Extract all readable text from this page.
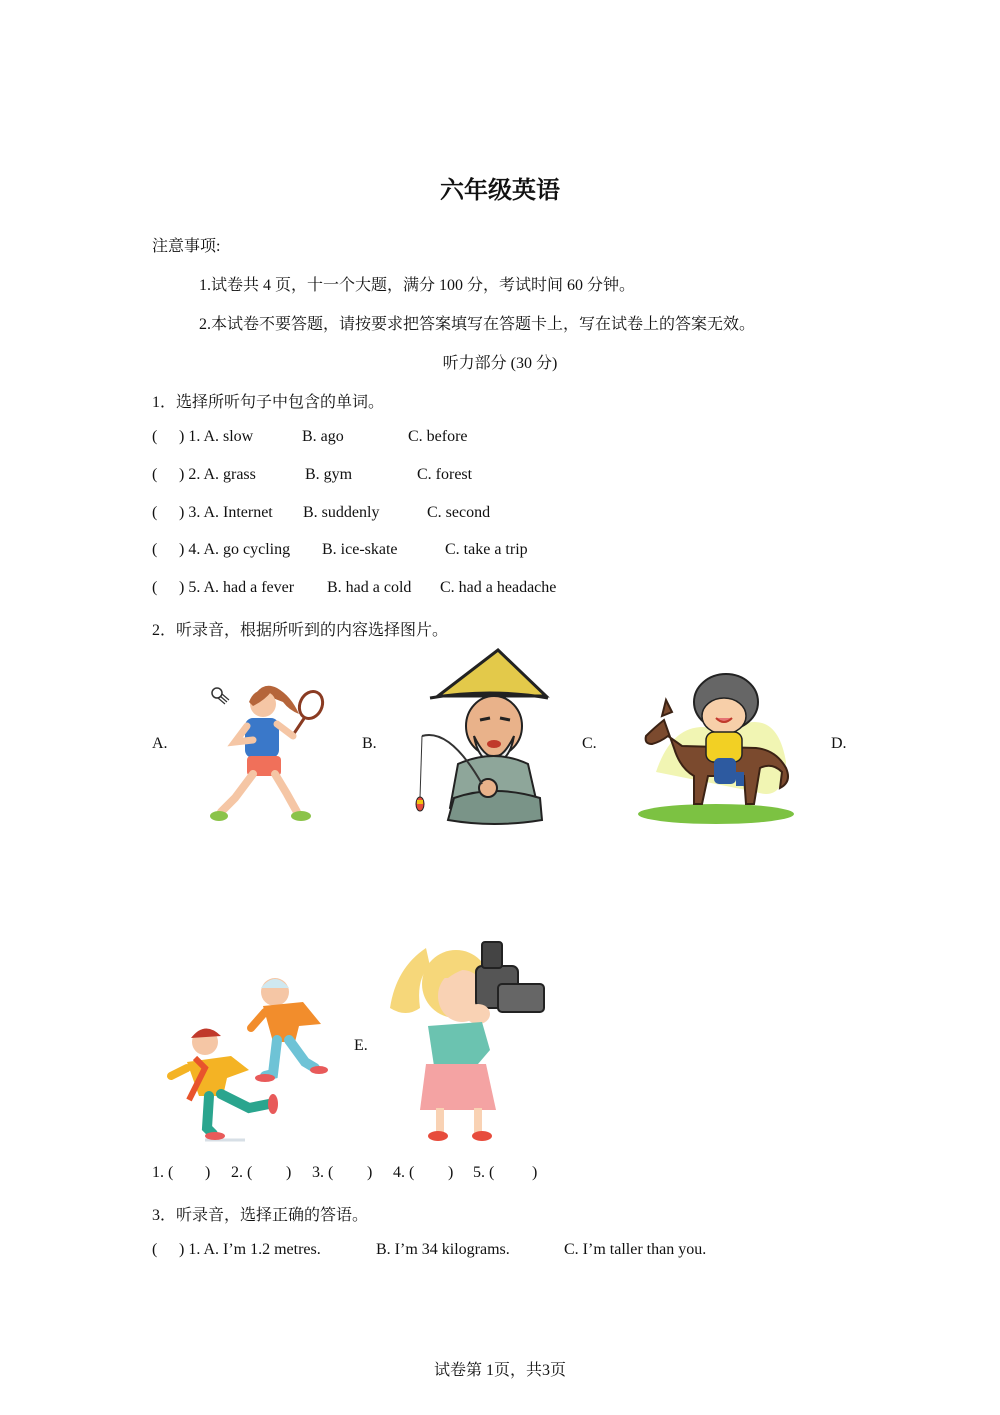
六年级英语
注意事项:
1.试卷共 4 页，十一个大题，满分 100 分，考试时间 60 分钟。
2.本试卷不要答题，请按要求把答案填写在答题卡上，写在试卷上的答案无效。
听力部分 (30 分)
1．选择所听句子中包含的单词。
( ) 1. A. slow	B. ago	C. before
( ) 2. A. grass	B. gym	C. forest
( ) 3. A. Internet B. suddenly	C. second
( ) 4. A. go cycling B. ice-skate	C. take a trip
( ) 5. A. had a fever B. had a cold C. had a headache
2．听录音，根据所听到的内容选择图片。
A.	B.	C.	D.
E.
1. ( ) 2. ( ) 3. ( ) 4. ( ) 5. ( )
3．听录音，选择正确的答语。
( ) 1. A. I’m 1.2 metres.	B. I’m 34 kilograms.	C. I’m taller than you.
试卷第 1页，共3页
